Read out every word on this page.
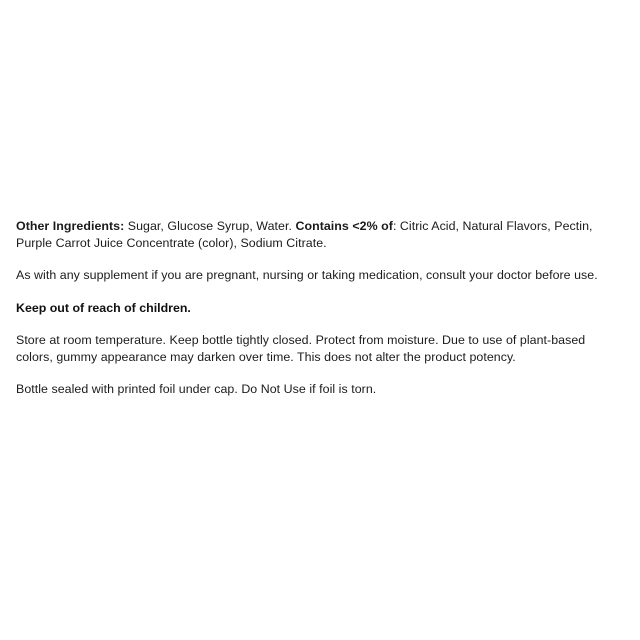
Other Ingredients: Sugar, Glucose Syrup, Water. Contains <2% of: Citric Acid, Natural Flavors, Pectin, Purple Carrot Juice Concentrate (color), Sodium Citrate.

As with any supplement if you are pregnant, nursing or taking medication, consult your doctor before use.

Keep out of reach of children.

Store at room temperature. Keep bottle tightly closed. Protect from moisture. Due to use of plant-based colors, gummy appearance may darken over time. This does not alter the product potency.

Bottle sealed with printed foil under cap. Do Not Use if foil is torn.
